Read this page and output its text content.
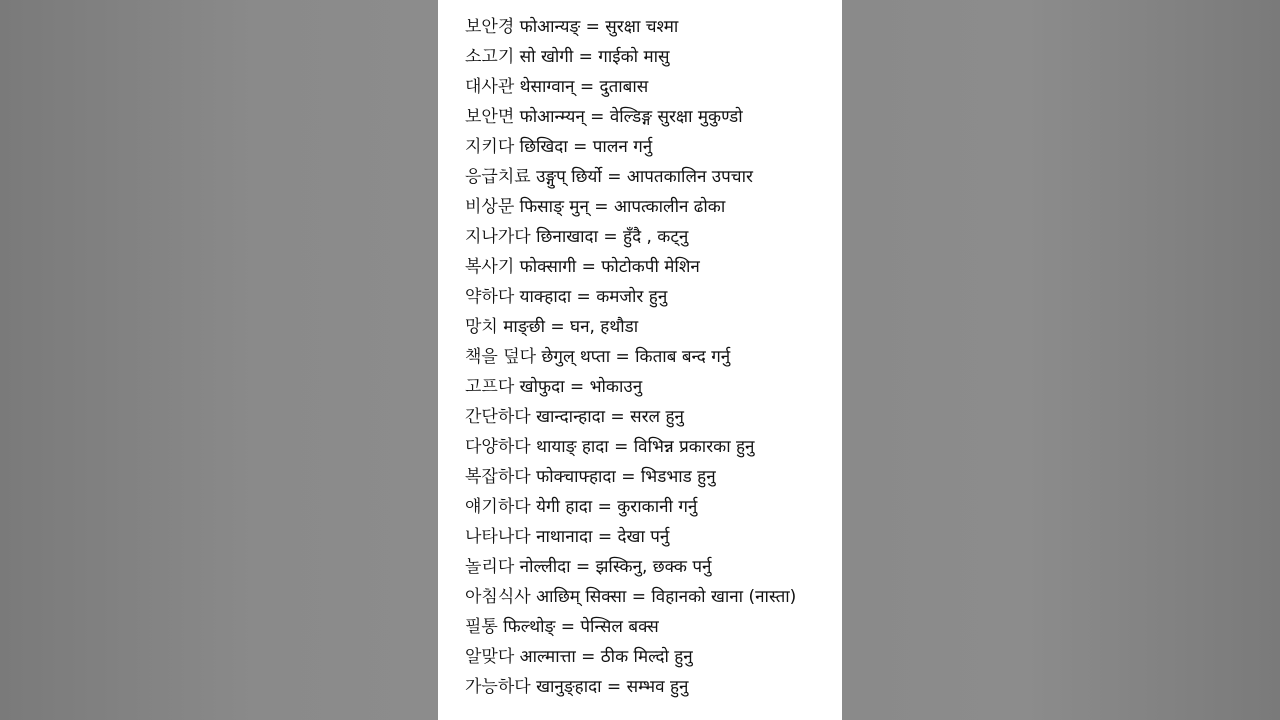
보안경 फोआन्यङ् = सुरक्षा चश्मा
소고기 सो खोगी = गाईको मासु
대사관 थेसाग्वान् = दुताबास
보안면 फोआन्म्यन् = वेल्डिङ्ग सुरक्षा मुकुण्डो
지키다 छिखिदा = पालन गर्नु
응급치료 उङ्गुप् छिर्यो = आपतकालिन उपचार
비상문 फिसाङ् मुन् = आपत्कालीन ढोका
지나가다 छिनाखादा = हुँदै , कट्नु
복사기 फोक्सागी = फोटोकपी मेशिन
약하다 याक्हादा = कमजोर हुनु
망치 माङ्छी = घन, हथौडा
책을 덮다 छेगुल् थप्ता = किताब बन्द गर्नु
고프다 खोफुदा = भोकाउनु
간단하다 खान्दान्हादा = सरल हुनु
다양하다 थायाङ् हादा = विभिन्न प्रकारका हुनु
복잡하다 फोक्चाफ्हादा = भिडभाड हुनु
얘기하다 येगी हादा = कुराकानी गर्नु
나타나다 नाथानादा = देखा पर्नु
놀리다 नोल्लीदा = झस्किनु, छक्क पर्नु
아침식사 आछिम् सिक्सा = विहानको खाना (नास्ता)
필통 फिल्थोङ् = पेन्सिल बक्स
알맞다 आल्मात्ता = ठीक मिल्दो हुनु
가능하다 खानुङ्हादा = सम्भव हुनु
